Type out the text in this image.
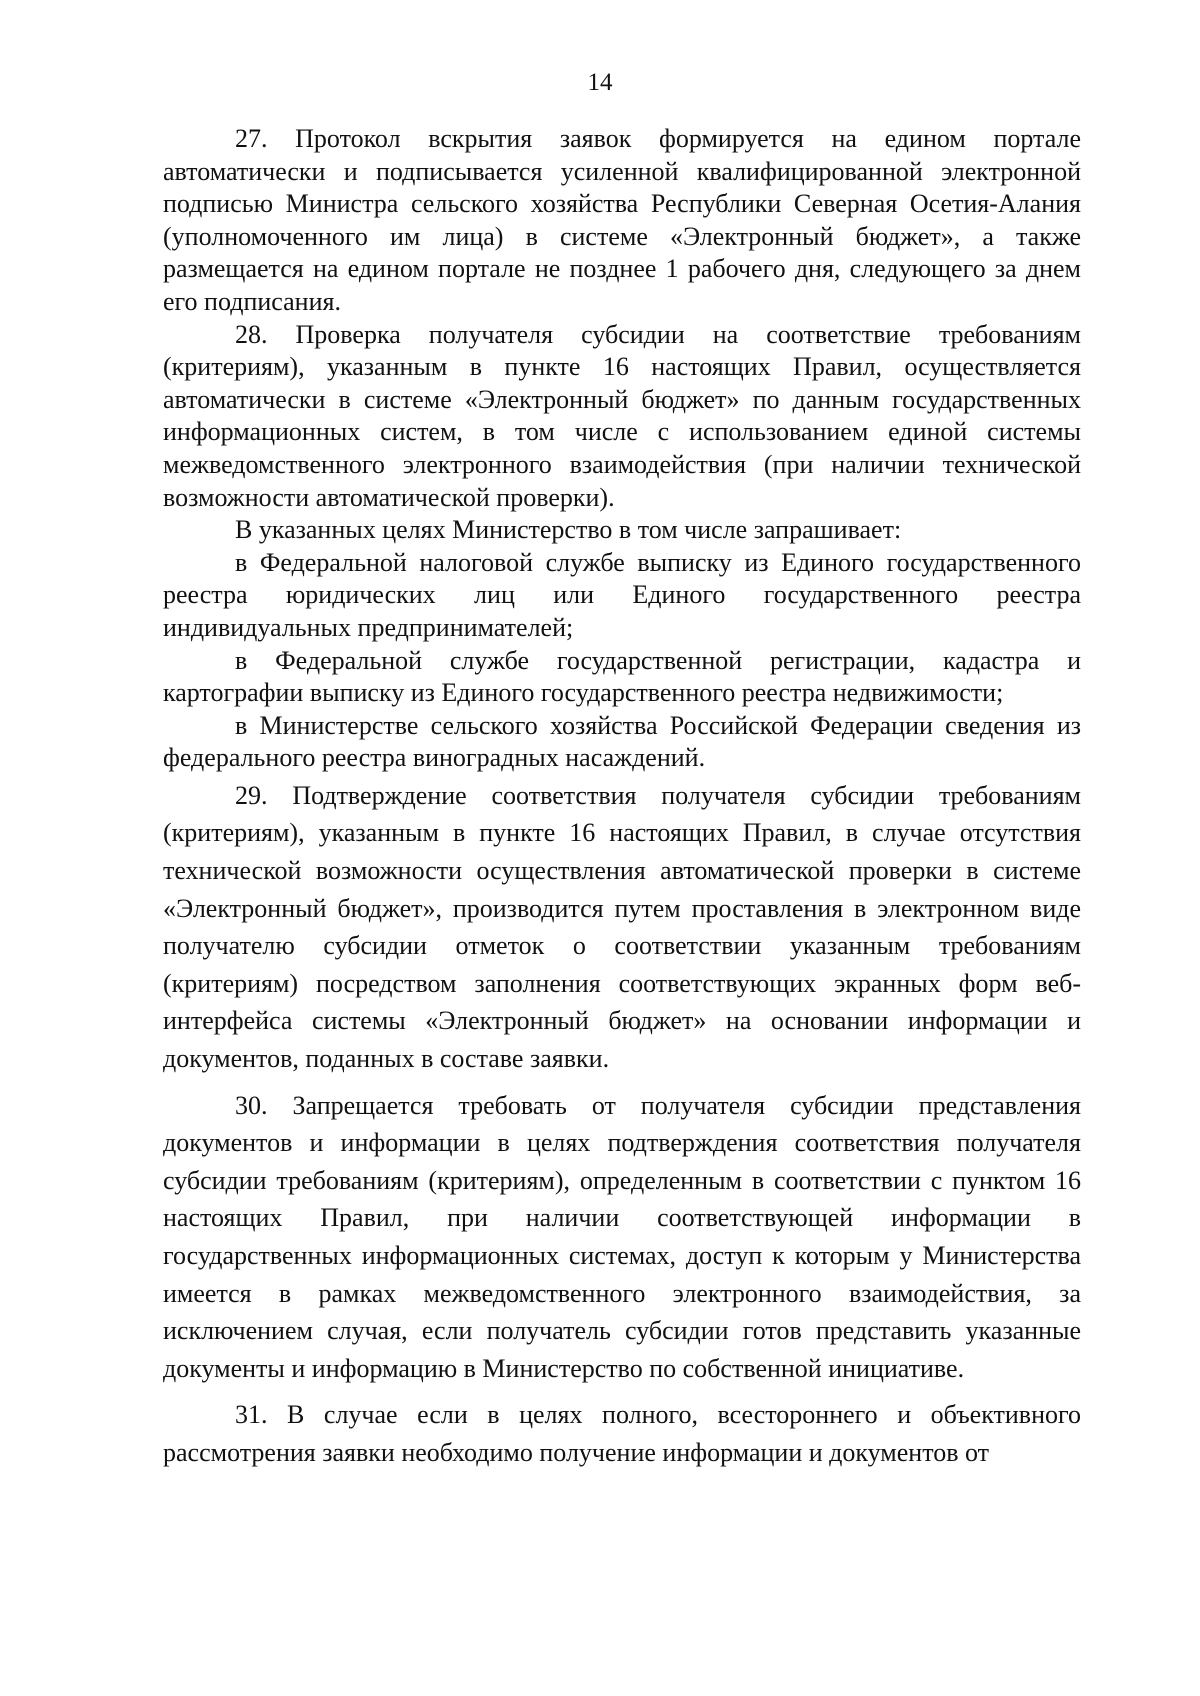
14

27. Протокол вскрытия заявок формируется на едином портале автоматически и подписывается усиленной квалифицированной электронной подписью Министра сельского хозяйства Республики Северная Осетия-Алания (уполномоченного им лица) в системе «Электронный бюджет», а также размещается на едином портале не позднее 1 рабочего дня, следующего за днем его подписания.

28. Проверка получателя субсидии на соответствие требованиям (критериям), указанным в пункте 16 настоящих Правил, осуществляется автоматически в системе «Электронный бюджет» по данным государственных информационных систем, в том числе с использованием единой системы межведомственного электронного взаимодействия (при наличии технической возможности автоматической проверки).

В указанных целях Министерство в том числе запрашивает:

в Федеральной налоговой службе выписку из Единого государственного реестра юридических лиц или Единого государственного реестра индивидуальных предпринимателей;

в Федеральной службе государственной регистрации, кадастра и картографии выписку из Единого государственного реестра недвижимости;

в Министерстве сельского хозяйства Российской Федерации сведения из федерального реестра виноградных насаждений.

29. Подтверждение соответствия получателя субсидии требованиям (критериям), указанным в пункте 16 настоящих Правил, в случае отсутствия технической возможности осуществления автоматической проверки в системе «Электронный бюджет», производится путем проставления в электронном виде получателю субсидии отметок о соответствии указанным требованиям (критериям) посредством заполнения соответствующих экранных форм веб-интерфейса системы «Электронный бюджет» на основании информации и документов, поданных в составе заявки.

30. Запрещается требовать от получателя субсидии представления документов и информации в целях подтверждения соответствия получателя субсидии требованиям (критериям), определенным в соответствии с пунктом 16 настоящих Правил, при наличии соответствующей информации в государственных информационных системах, доступ к которым у Министерства имеется в рамках межведомственного электронного взаимодействия, за исключением случая, если получатель субсидии готов представить указанные документы и информацию в Министерство по собственной инициативе.

31. В случае если в целях полного, всестороннего и объективного рассмотрения заявки необходимо получение информации и документов от
